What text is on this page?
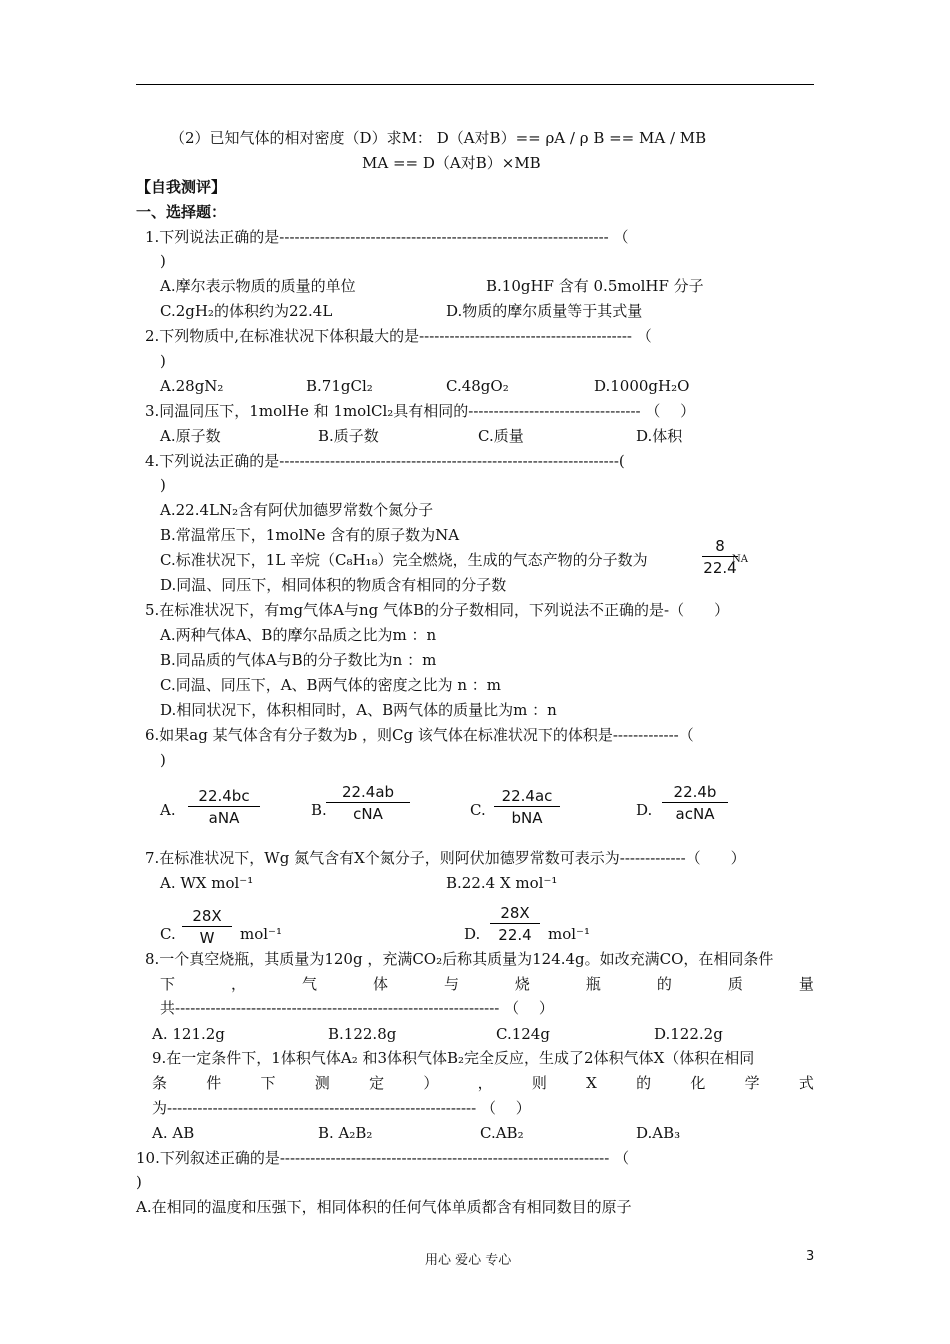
（2）已知气体的相对密度（D）求M： D（A对B）== ρA / ρ B == MA / MB
MA == D（A对B）×MB
【自我测评】
一、选择题：
1.下列说法正确的是----------------------------------------------------------------- （
)
A.摩尔表示物质的质量的单位	B.10gHF 含有 0.5molHF 分子
C.2gH₂的体积约为22.4L	D.物质的摩尔质量等于其式量
2.下列物质中,在标准状况下体积最大的是------------------------------------------ （
)
A.28gN₂	B.71gCl₂	C.48gO₂	D.1000gH₂O
3.同温同压下，1molHe 和 1molCl₂具有相同的---------------------------------- （　 ）
A.原子数	B.质子数	C.质量	D.体积
4.下列说法正确的是-------------------------------------------------------------------(
)
A.22.4LN₂含有阿伏加德罗常数个氮分子
B.常温常压下，1molNe 含有的原子数为NA
C.标准状况下，1L 辛烷（C₈H₁₈）完全燃烧，生成的气态产物的分子数为
8
22.4
NA
D.同温、同压下，相同体积的物质含有相同的分子数
5.在标准状况下，有mg气体A与ng 气体B的分子数相同，下列说法不正确的是-（　　）
A.两种气体A、B的摩尔品质之比为m ：n
B.同品质的气体A与B的分子数比为n ：m
C.同温、同压下，A、B两气体的密度之比为 n ：m
D.相同状况下，体积相同时，A、B两气体的质量比为m ：n
6.如果ag 某气体含有分子数为b ，则Cg 该气体在标准状况下的体积是-------------（
)
A.
22.4bc
aNA	B.
22.4ab
cNA	C.
22.4ac
bNA	D.
22.4b
acNA
7.在标准状况下，Wg 氮气含有X个氮分子，则阿伏加德罗常数可表示为-------------（　　）
A. WX mol⁻¹	B.22.4 X mol⁻¹
C.
28X
W	mol⁻¹	D.
28X
22.4	mol⁻¹
8.一个真空烧瓶，其质量为120g ，充满CO₂后称其质量为124.4g。如改充满CO，在相同条件
下	，	气	体	与	烧	瓶	的	质	量
共---------------------------------------------------------------- （　 ）
A. 121.2g	B.122.8g	C.124g	D.122.2g
9.在一定条件下，1体积气体A₂ 和3体积气体B₂完全反应，生成了2体积气体X（体积在相同
条	件	下	测	定	）	，	则	X	的	化	学	式
为------------------------------------------------------------- （　 ）
A. AB	B. A₂B₂	C.AB₂	D.AB₃
10.下列叙述正确的是----------------------------------------------------------------- （
)
A.在相同的温度和压强下，相同体积的任何气体单质都含有相同数目的原子
用心 爱心 专心	3
